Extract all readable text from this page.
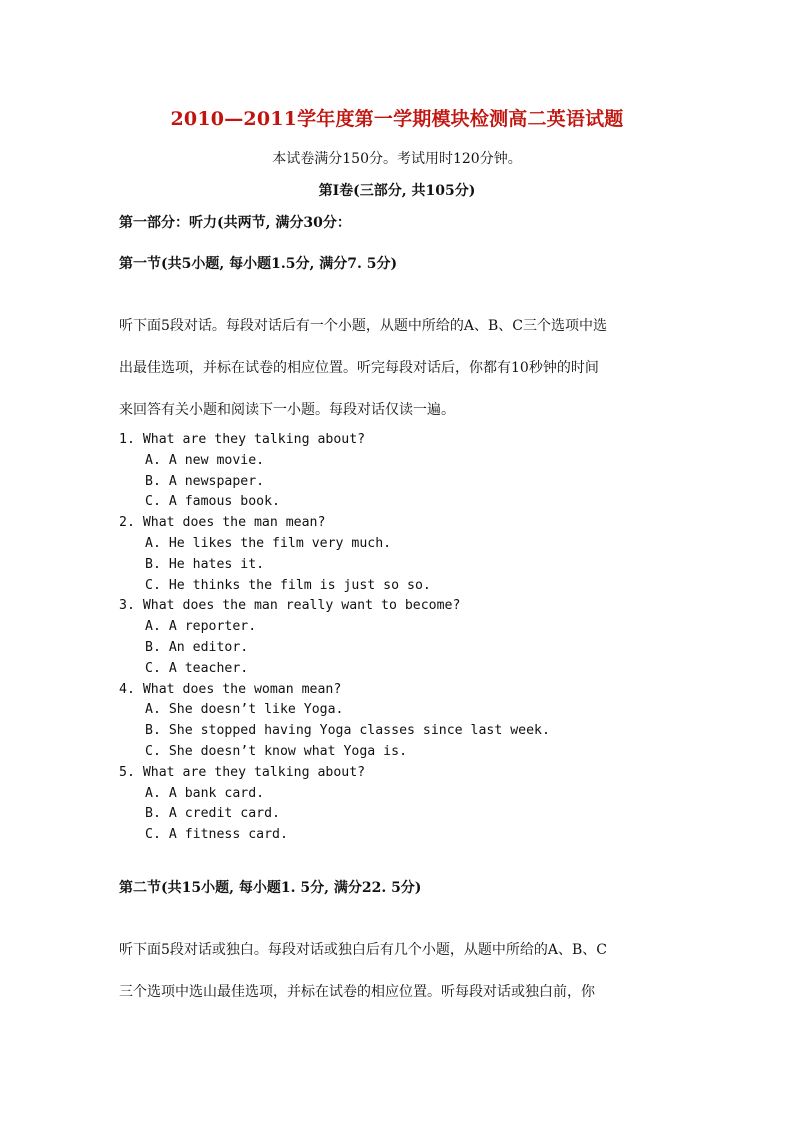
2010—2011学年度第一学期模块检测高二英语试题
本试卷满分150分。考试用时120分钟。
第I卷(三部分, 共105分)
第一部分：听力(共两节, 满分30分：
第一节(共5小题, 每小题1.5分, 满分7. 5分)
听下面5段对话。每段对话后有一个小题，从题中所给的A、B、C三个选项中选
出最佳选项，并标在试卷的相应位置。听完每段对话后，你都有10秒钟的时间
来回答有关小题和阅读下一小题。每段对话仅读一遍。
1. What are they talking about?
A. A new movie.
B. A newspaper.
C. A famous book.
2. What does the man mean?
A. He likes the film very much.
B. He hates it.
C. He thinks the film is just so so.
3. What does the man really want to become?
A. A reporter.
B. An editor.
C. A teacher.
4. What does the woman mean?
A. She doesn’t like Yoga.
B. She stopped having Yoga classes since last week.
C. She doesn’t know what Yoga is.
5. What are they talking about?
A. A bank card.
B. A credit card.
C. A fitness card.
第二节(共15小题, 每小题1. 5分, 满分22. 5分)
听下面5段对话或独白。每段对话或独白后有几个小题，从题中所给的A、B、C
三个选项中选山最佳选项，并标在试卷的相应位置。听每段对话或独白前，你
